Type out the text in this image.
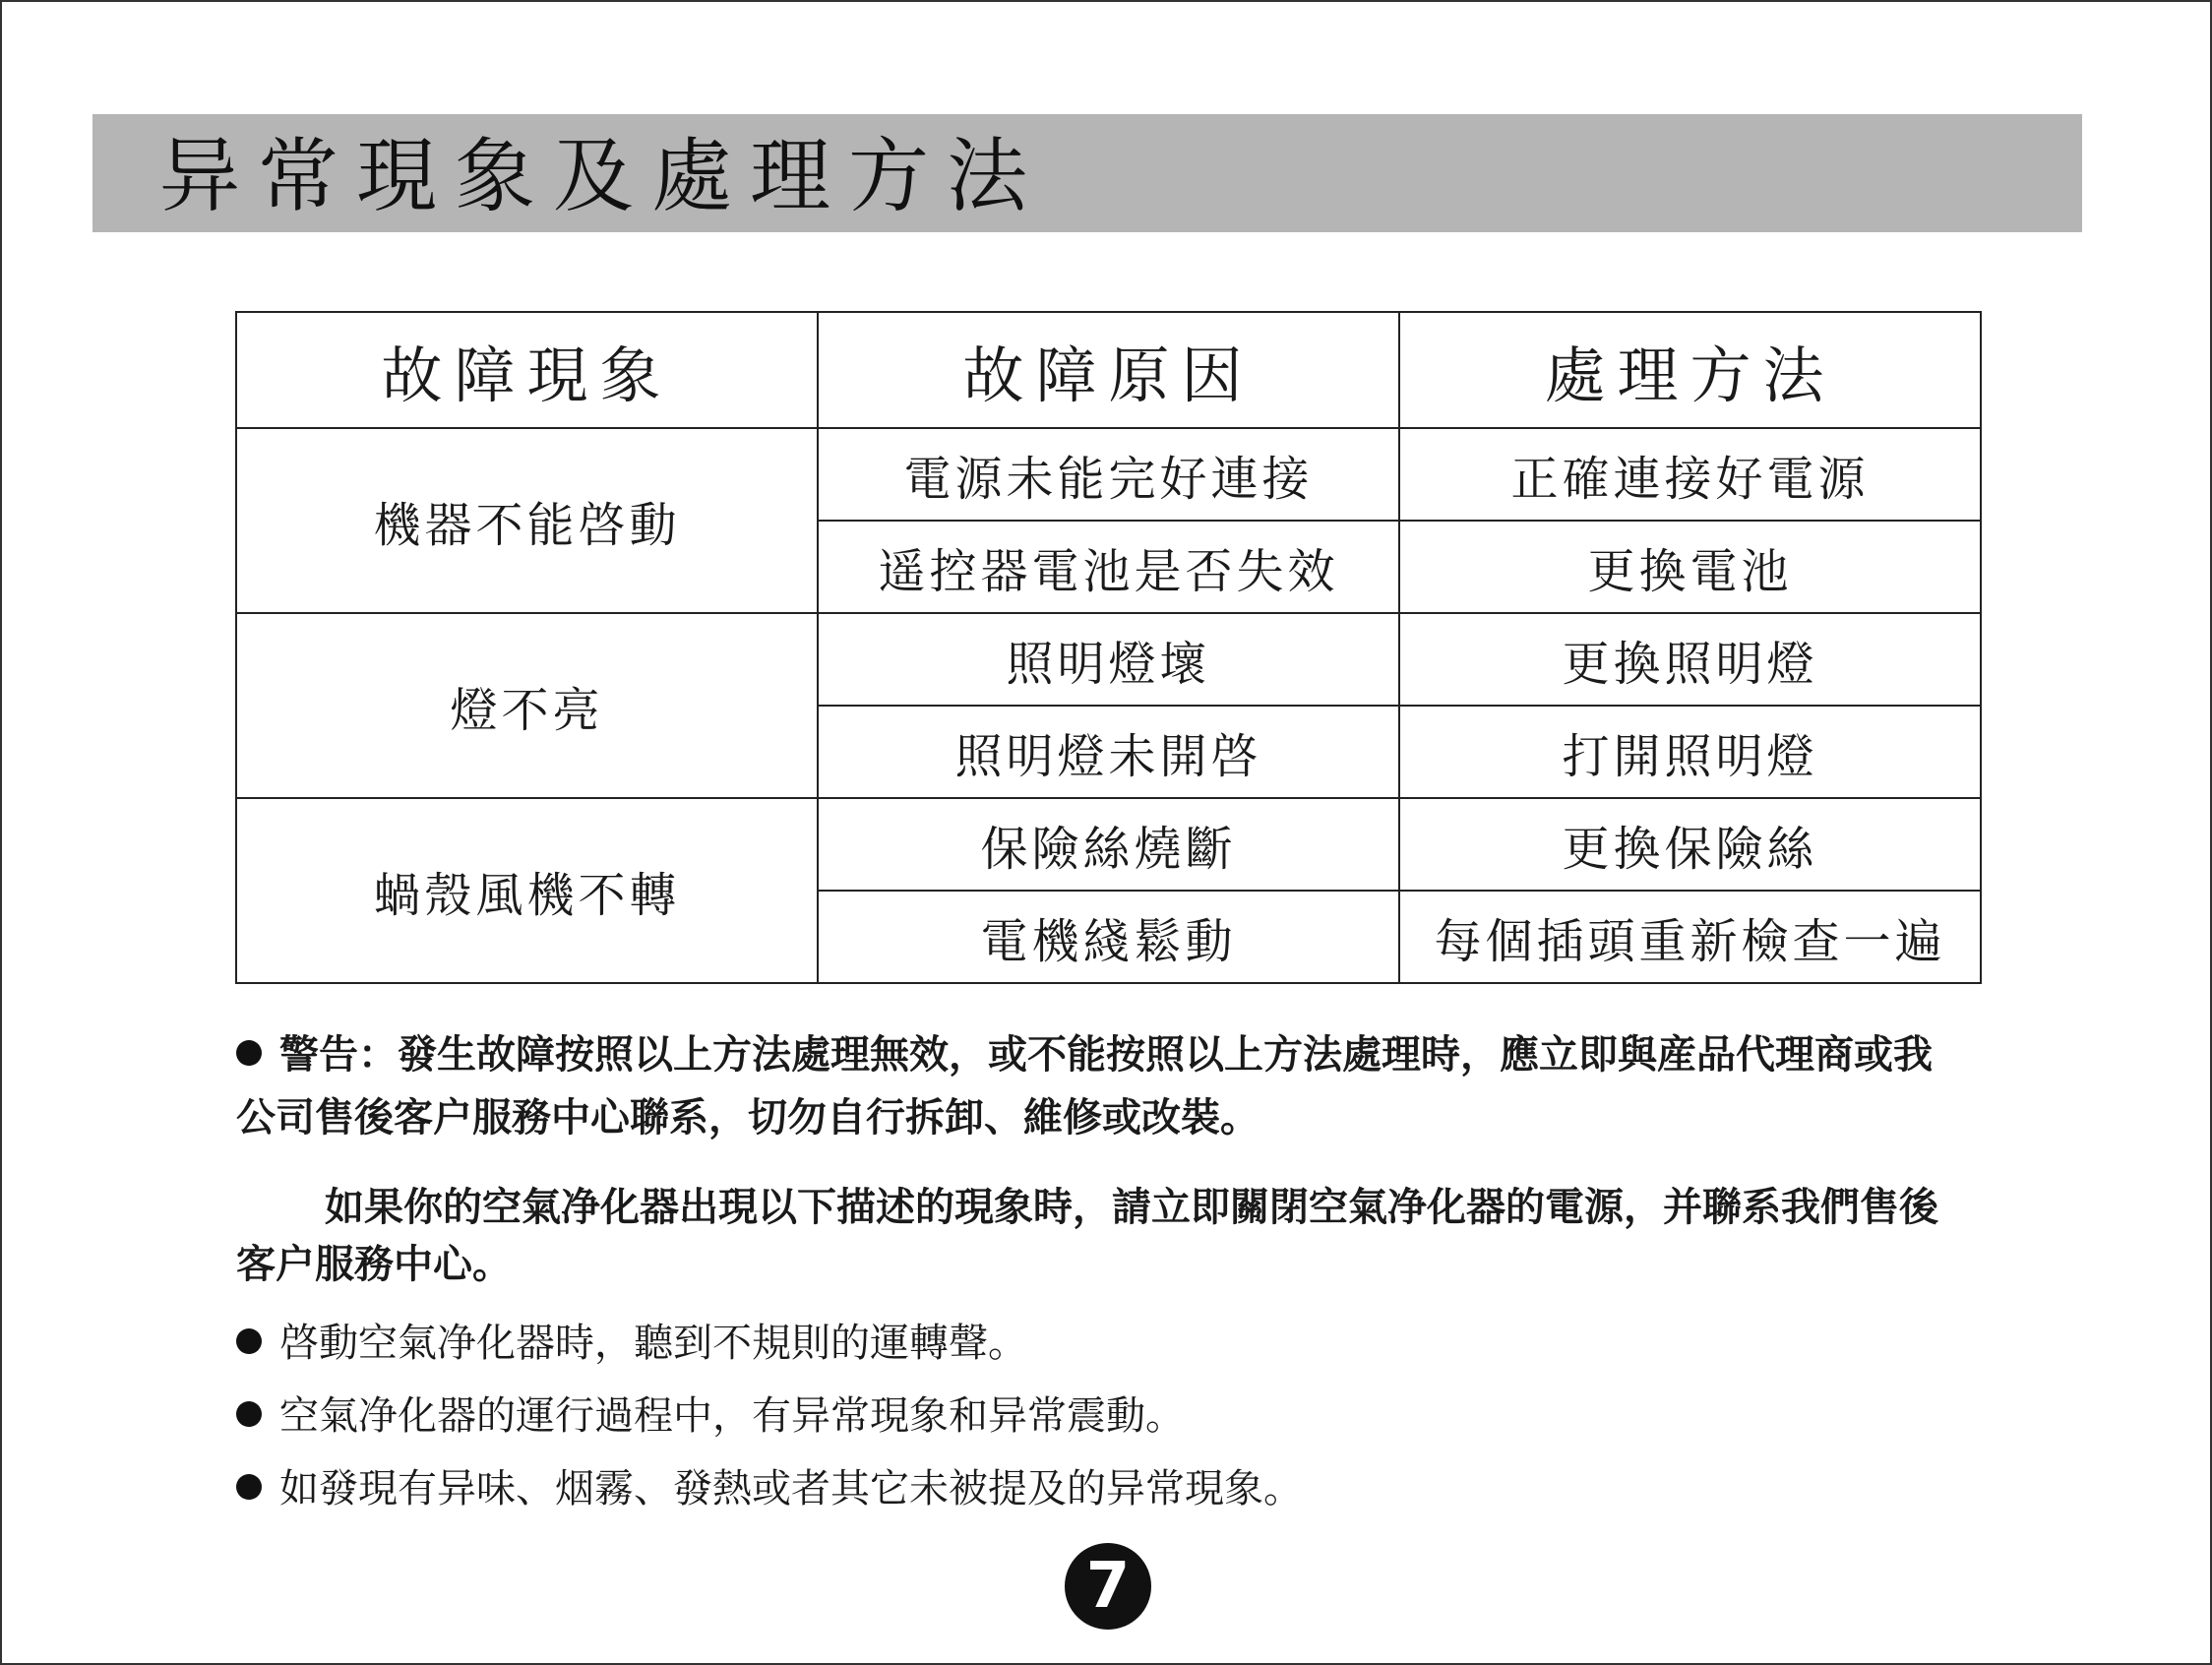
异常現象及處理方法
故障現象	故障原因	處理方法
機器不能啓動	電源未能完好連接	正確連接好電源
	遥控器電池是否失效	更換電池
燈不亮	照明燈壞	更換照明燈
	照明燈未開啓	打開照明燈
蝸殼風機不轉	保險絲燒斷	更換保險絲
	電機綫鬆動	每個插頭重新檢查一遍

警告：發生故障按照以上方法處理無效，或不能按照以上方法處理時，應立即與産品代理商或我公司售後客户服務中心聯系，切勿自行拆卸、維修或改裝。

如果你的空氣净化器出現以下描述的現象時，請立即關閉空氣净化器的電源，并聯系我們售後客户服務中心。

啓動空氣净化器時，聽到不規則的運轉聲。
空氣净化器的運行過程中，有异常現象和异常震動。
如發現有异味、烟霧、發熱或者其它未被提及的异常現象。
7
